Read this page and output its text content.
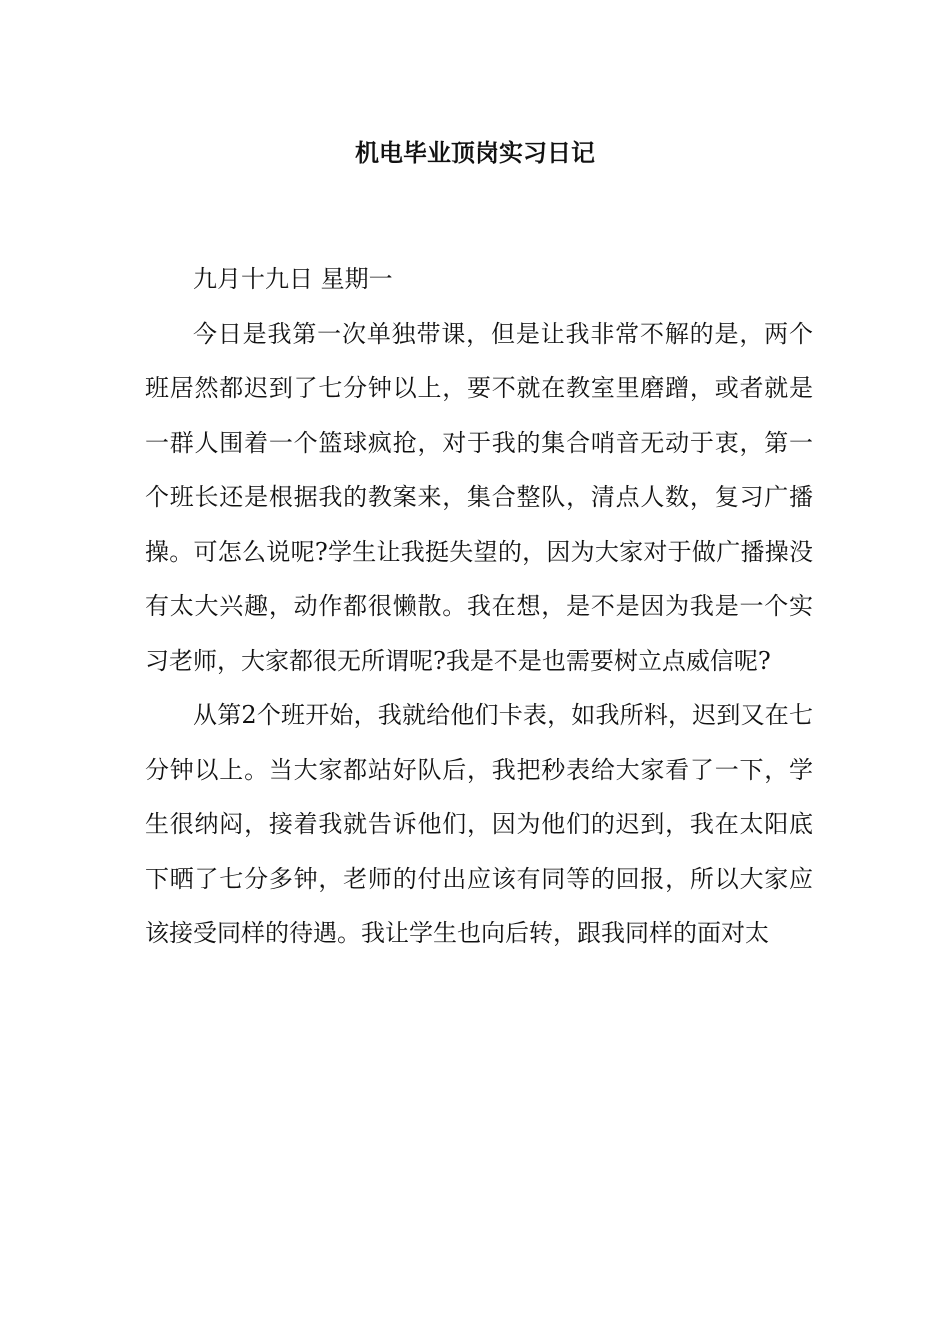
机电毕业顶岗实习日记

九月十九日 星期一

今日是我第一次单独带课，但是让我非常不解的是，两个班居然都迟到了七分钟以上，要不就在教室里磨蹭，或者就是一群人围着一个篮球疯抢，对于我的集合哨音无动于衷，第一个班长还是根据我的教案来，集合整队，清点人数，复习广播操。可怎么说呢?学生让我挺失望的，因为大家对于做广播操没有太大兴趣，动作都很懒散。我在想，是不是因为我是一个实习老师，大家都很无所谓呢?我是不是也需要树立点威信呢?

从第2个班开始，我就给他们卡表，如我所料，迟到又在七分钟以上。当大家都站好队后，我把秒表给大家看了一下，学生很纳闷，接着我就告诉他们，因为他们的迟到，我在太阳底下晒了七分多钟，老师的付出应该有同等的回报，所以大家应该接受同样的待遇。我让学生也向后转，跟我同样的面对太
